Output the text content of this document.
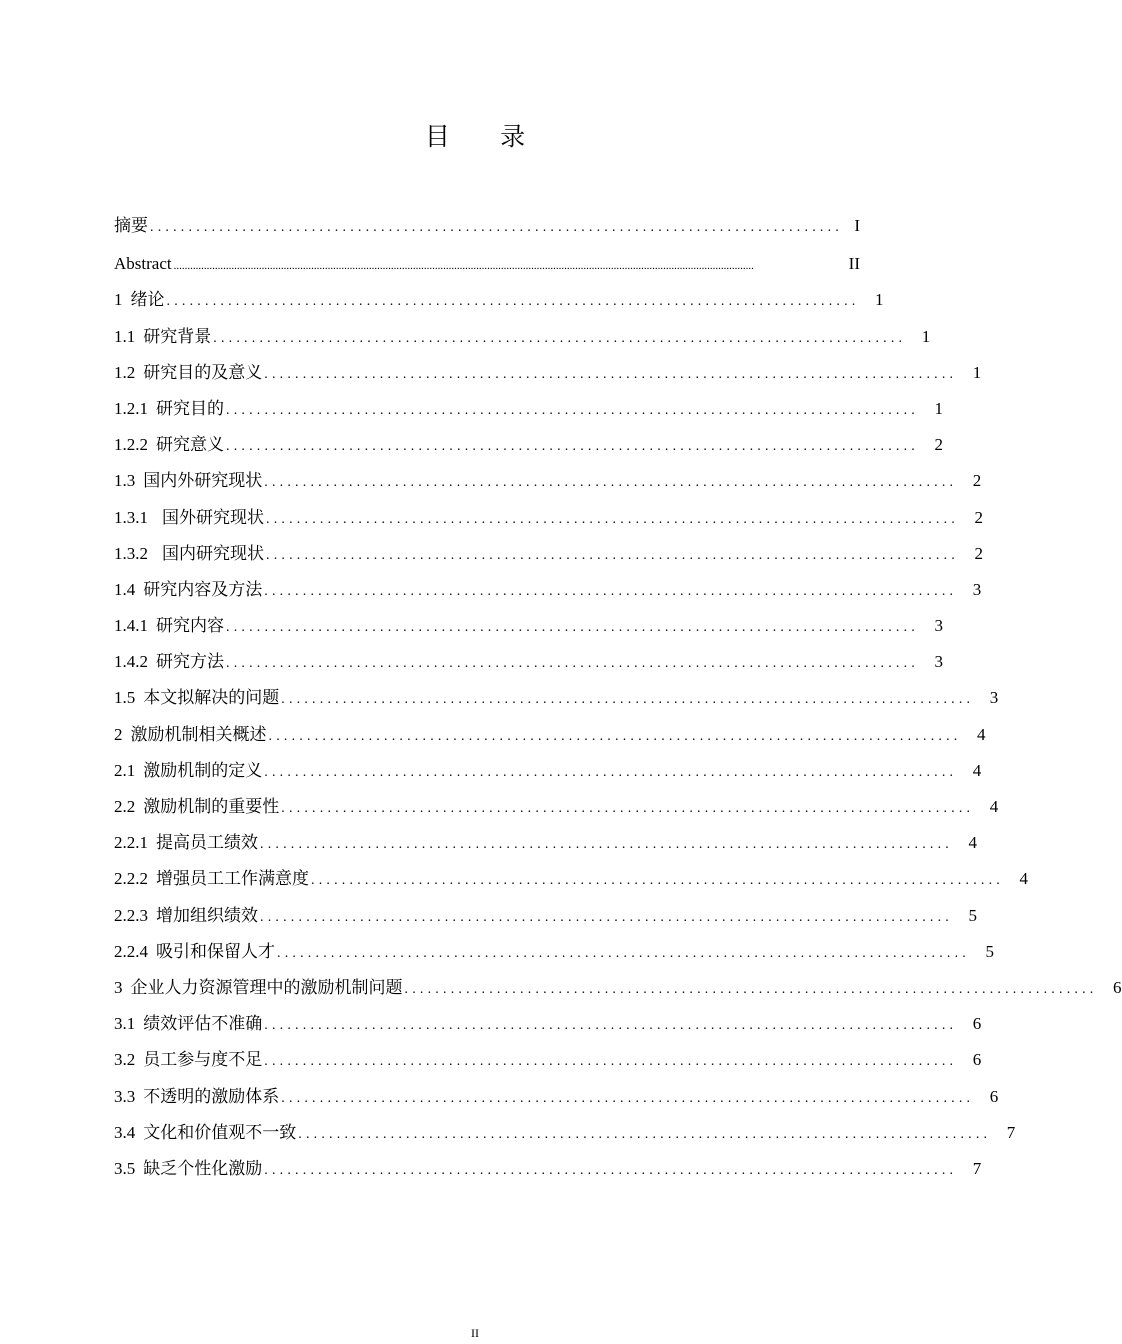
目 录
摘要 .......................................................................................... I
Abstract ...................................................................................................................................................................................................................	II
1 绪论 .......................................................................................... 1
1.1 研究背景 .......................................................................................... 1
1.2 研究目的及意义 .......................................................................................... 1
1.2.1 研究目的 .......................................................................................... 1
1.2.2 研究意义 .......................................................................................... 2
1.3 国内外研究现状 .......................................................................................... 2
1.3.1 国外研究现状 .......................................................................................... 2
1.3.2 国内研究现状 .......................................................................................... 2
1.4 研究内容及方法 .......................................................................................... 3
1.4.1 研究内容 .......................................................................................... 3
1.4.2 研究方法 .......................................................................................... 3
1.5 本文拟解决的问题 .......................................................................................... 3
2 激励机制相关概述 .......................................................................................... 4
2.1 激励机制的定义 .......................................................................................... 4
2.2 激励机制的重要性 .......................................................................................... 4
2.2.1 提高员工绩效 .......................................................................................... 4
2.2.2 增强员工工作满意度 .......................................................................................... 4
2.2.3 增加组织绩效 .......................................................................................... 5
2.2.4 吸引和保留人才 .......................................................................................... 5
3 企业人力资源管理中的激励机制问题 .......................................................................................... 6
3.1 绩效评估不准确 .......................................................................................... 6
3.2 员工参与度不足 .......................................................................................... 6
3.3 不透明的激励体系 .......................................................................................... 6
3.4 文化和价值观不一致 .......................................................................................... 7
3.5 缺乏个性化激励 .......................................................................................... 7
II
